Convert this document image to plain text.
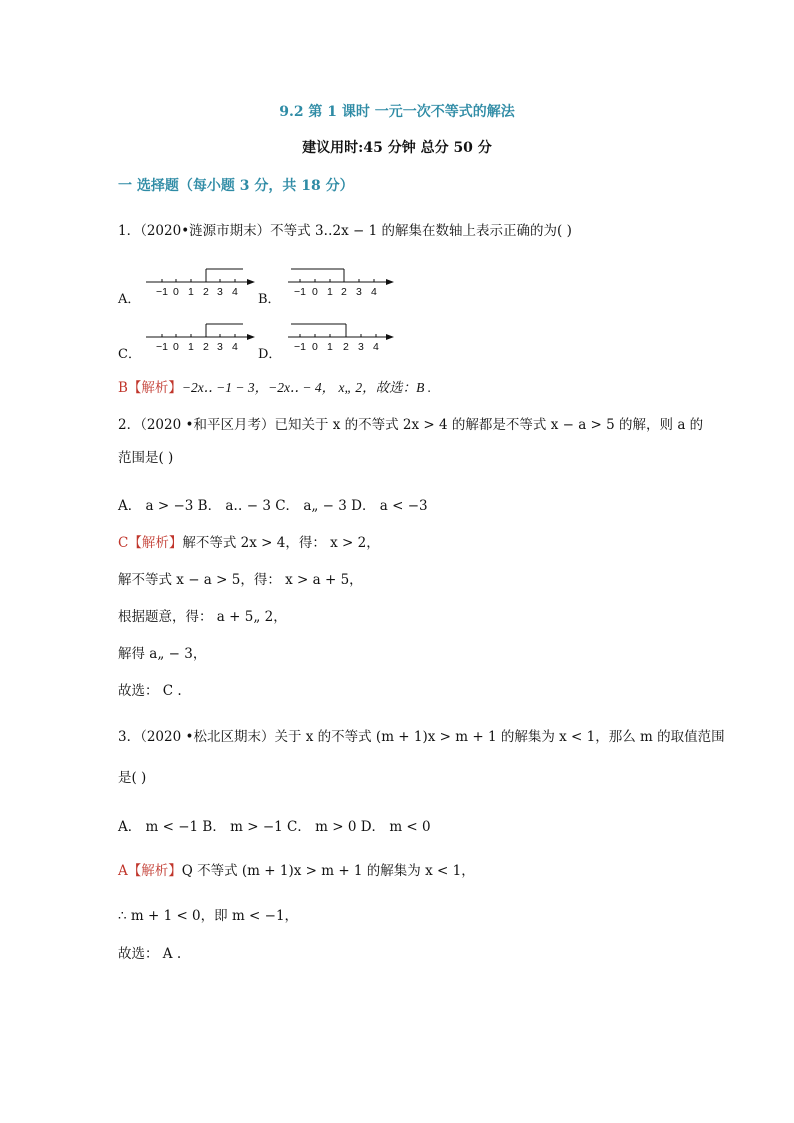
9.2 第 1 课时 一元一次不等式的解法
建议用时:45 分钟 总分 50 分
一 选择题（每小题 3 分，共 18 分）
1．（2020•涟源市期末）不等式 3‥2x − 1 的解集在数轴上表示正确的为( )
A．	B．
C．	D．
−1 0 1 2 3 4	−1 0 1 2 3 4
−1 0 1 2 3 4	−1 0 1 2 3 4
B【解析】−2x‥ −1 − 3，−2x‥ − 4， x„ 2，故选：B .
2．（2020 •和平区月考）已知关于 x 的不等式 2x > 4 的解都是不等式 x − a > 5 的解，则 a 的
范围是( )
A． a > −3 B． a‥ − 3 C． a„ − 3 D． a < −3
C【解析】解不等式 2x > 4，得： x > 2，
解不等式 x − a > 5，得： x > a + 5，
根据题意，得： a + 5„ 2，
解得 a„ − 3，
故选： C .
3．（2020 •松北区期末）关于 x 的不等式 (m + 1)x > m + 1 的解集为 x < 1，那么 m 的取值范围
是( )
A． m < −1 B． m > −1 C． m > 0 D． m < 0
A【解析】Q 不等式 (m + 1)x > m + 1 的解集为 x < 1，
∴ m + 1 < 0，即 m < −1，
故选： A .
